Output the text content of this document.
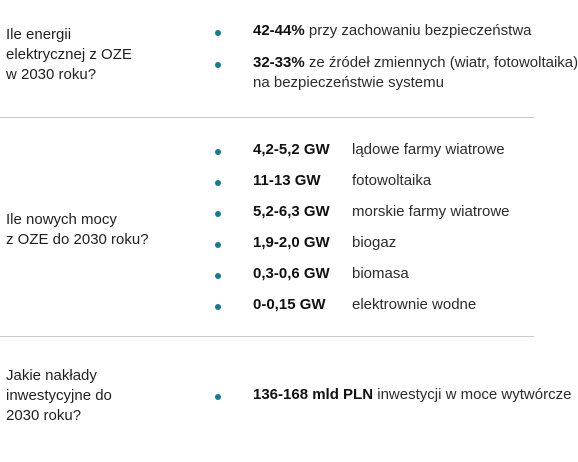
Ile energii
elektrycznej z OZE
w 2030 roku?
42-44% przy zachowaniu bezpieczeństwa
32-33% ze źródeł zmiennych (wiatr, fotowoltaika)
na bezpieczeństwie systemu
Ile nowych mocy
z OZE do 2030 roku?
4,2-5,2 GW lądowe farmy wiatrowe
11-13 GW fotowoltaika
5,2-6,3 GW morskie farmy wiatrowe
1,9-2,0 GW biogaz
0,3-0,6 GW biomasa
0-0,15 GW elektrownie wodne
Jakie nakłady
inwestycyjne do
2030 roku?
136-168 mld PLN inwestycji w moce wytwórcze
